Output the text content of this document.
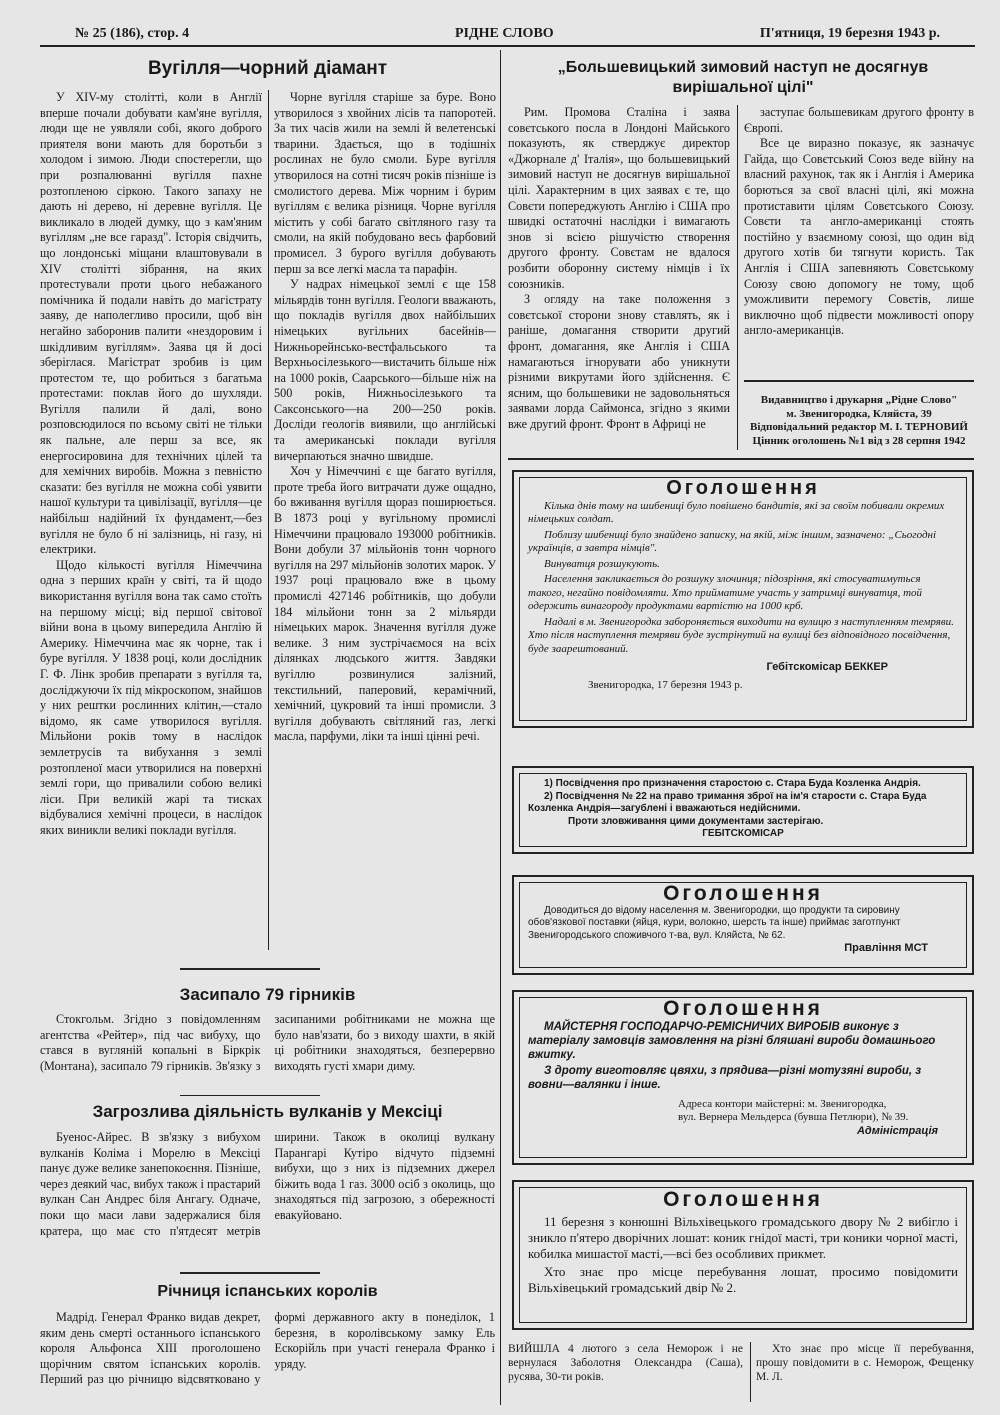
№ 25 (186), стор. 4	РІДНЕ СЛОВО	П'ятниця, 19 березня 1943 р.
Вугілля—чорний діамант

У XIV-му столітті, коли в Англії вперше почали добувати кам'яне вугілля, люди ще не уявляли собі, якого доброго приятеля вони мають для боротьби з холодом і зимою. Люди спостерегли, що при розпалюванні вугілля пахне розтопленою сіркою. Такого запаху не дають ні дерево, ні деревне вугілля. Це викликало в людей думку, що з кам'яним вугіллям „не все гаразд". Історія свідчить, що лондонські міщани влаштовували в XIV столітті зібрання, на яких протестували проти цього небажаного помічника й подали навіть до магістрату заяву, де наполегливо просили, щоб він негайно заборонив палити «нездоровим і шкідливим вугіллям». Заява ця й досі зберіглася. Магістрат зробив із цим протестом те, що робиться з багатьма протестами: поклав його до шухляди. Вугілля палили й далі, воно розповсюдилося по всьому світі не тільки як пальне, але перш за все, як енергосировина для технічних цілей та для хемічних виробів. Можна з певністю сказати: без вугілля не можна собі уявити нашої культури та цивілізації, вугілля—це найбільш надійний їх фундамент,—без вугілля не було б ні залізниць, ні газу, ні електрики.

Щодо кількості вугілля Німеччина одна з перших країн у світі, та й щодо використання вугілля вона так само стоїть на першому місці; від першої світової війни вона в цьому випередила Англію й Америку. Німеччина має як чорне, так і буре вугілля. У 1838 році, коли дослідник Г. Ф. Лінк зробив препарати з вугілля та, досліджуючи їх під мікроскопом, знайшов у них рештки рослинних клітин,—стало відомо, як саме утворилося вугілля. Мільйони років тому в наслідок землетрусів та вибухання з землі розтопленої маси утворилися на поверхні землі гори, що привалили собою великі ліси. При великій жарі та тисках відбувалися хемічні процеси, в наслідок яких виникли великі поклади вугілля.

Чорне вугілля старіше за буре. Воно утворилося з хвойних лісів та папоротей. За тих часів жили на землі й велетенські тварини. Здається, що в тодішніх рослинах не було смоли. Буре вугілля утворилося на сотні тисяч років пізніше із смолистого дерева. Між чорним і бурим вугіллям є велика різниця. Чорне вугілля містить у собі багато світляного газу та смоли, на якій побудовано весь фарбовий промисел. З бурого вугілля добувають перш за все легкі масла та парафін.

У надрах німецької землі є ще 158 мільярдів тонн вугілля. Геологи вважають, що покладів вугілля двох найбільших німецьких вугільних басейнів—Нижньорейнсько-вестфальського та Верхньосілезького—вистачить більше ніж на 1000 років, Саарського—більше ніж на 500 років, Нижньосілезького та Саксонського—на 200—250 років. Досліди геологів виявили, що англійські та американські поклади вугілля вичерпаються значно швидше.

Хоч у Німеччині є ще багато вугілля, проте треба його витрачати дуже ощадно, бо вживання вугілля щораз поширюється. В 1873 році у вугільному промислі Німеччини працювало 193000 робітників. Вони добули 37 мільйонів тонн чорного вугілля на 297 мільйонів золотих марок. У 1937 році працювало вже в цьому промислі 427146 робітників, що добули 184 мільйони тонн за 2 мільярди німецьких марок. Значення вугілля дуже велике. З ним зустрічаємося на всіх ділянках людського життя. Завдяки вугіллю розвинулися залізний, текстильний, паперовий, керамічний, хемічний, цукровий та інші промисли. З вугілля добувають світляний газ, легкі масла, парфуми, ліки та інші цінні речі.

Засипало 79 гірників

Стокгольм. Згідно з повідомленням агентства «Рейтер», під час вибуху, що стався в вугляній копальні в Біркрік (Монтана), засипало 79 гірників. Зв'язку з засипаними робітниками не можна ще було нав'язати, бо з виходу шахти, в якій ці робітники знаходяться, безперервно виходять густі хмари диму.

Загрозлива діяльність вулканів у Мексіці

Буенос-Айрес. В зв'язку з вибухом вулканів Коліма і Морелю в Мексіці панує дуже велике занепокоєння. Пізніше, через деякий час, вибух також і прастарий вулкан Сан Андрес біля Ангагу. Одначе, поки що маси лави задержалися біля кратера, що має сто п'ятдесят метрів ширини. Також в околиці вулкану Парангарі Кутіро відчуто підземні вибухи, що з них із підземних джерел біжить вода 1 газ. 3000 осіб з околиць, що знаходяться під загрозою, з обережності евакуйовано.

Річниця іспанських королів

Мадрід. Генерал Франко видав декрет, яким день смерті останнього іспанського короля Альфонса XIII проголошено щорічним святом іспанських королів. Перший раз цю річницю відсвятковано у формі державного акту в понеділок, 1 березня, в королівському замку Ель Ескорійль при участі генерала Франко і уряду.

„Большевицький зимовий наступ не досягнув вирішальної цілі"

Рим. Промова Сталіна і заява совєтського посла в Лондоні Майського показують, як стверджує директор «Джорнале д' Італія», що большевицький зимовий наступ не досягнув вирішальної цілі. Характерним в цих заявах є те, що Совєти попереджують Англію і США про швидкі остаточні наслідки і вимагають знов зі всією рішучістю створення другого фронту. Совєтам не вдалося розбити оборонну систему німців і їх союзників.

З огляду на таке положення з совєтської сторони знову ставлять, як і раніше, домагання створити другий фронт, домагання, яке Англія і США намагаються ігнорувати або уникнути різними викрутами його здійснення. Є ясним, що большевики не задовольняться заявами лорда Саймонса, згідно з якими вже другий фронт. Фронт в Африці не

заступає большевикам другого фронту в Європі.

Все це виразно показує, як зазначує Гайда, що Совєтський Союз веде війну на власний рахунок, так як і Англія і Америка борються за свої власні цілі, які можна протиставити цілям Совєтського Союзу. Совєти та англо-американці стоять постійно у взаємному союзі, що один від другого хотів би тягнути користь. Так Англія і США запевняють Совєтському Союзу свою допомогу не тому, щоб уможливити перемогу Совєтів, лише виключно щоб підвести можливості опору англо-американців.

Видавництво і друкарня „Рідне Слово"
м. Звенигородка, Кляйста, 39
Відповідальний редактор М. І. ТЕРНОВИЙ
Цінник оголошень №1 від з 28 серпня 1942
Оголошення

Кілька днів тому на шибениці було повішено бандитів, які за своїм побивали окремих німецьких солдат.

Поблизу шибениці було знайдено записку, на якій, між іншим, зазначено: „Сьогодні українців, а завтра німців".

Винуватця розшукують.

Населення закликається до розшуку злочинця; підозріння, які стосуватимуться такого, негайно повідомляти. Хто прийматиме участь у затримці винуватця, той одержить винагороду продуктами вартістю на 1000 крб.

Надалі в м. Звенигородка забороняється виходити на вулицю з наступленням темряви. Хто після наступлення темряви буде зустрінутий на вулиці без відповідного посвідчення, буде заарештований.

Гебітскомісар БЕККЕР
Звенигородка, 17 березня 1943 р.

1) Посвідчення про призначення старостою с. Стара Буда Козленка Андрія.

2) Посвідчення № 22 на право тримання зброї на ім'я старости с. Стара Буда Козленка Андрія—загублені і вважаються недійсними.

Проти зловживання цими документами застерігаю.

ГЕБІТСКОМІСАР
Оголошення

Доводиться до відому населення м. Звенигородки, що продукти та сировину обов'язкової поставки (яйця, кури, волокно, шерсть та інше) приймає заготпункт Звенигородського споживчого т-ва, вул. Кляйста, № 62.

Правління МСТ
Оголошення

МАЙСТЕРНЯ ГОСПОДАРЧО-РЕМІСНИЧИХ ВИРОБІВ виконує з матеріалу замовців замовлення на різні бляшані вироби домашнього вжитку.

З дроту виготовляє цвяхи, з прядива—різні мотузяні вироби, з вовни—валянки і інше.

Адреса контори майстерні: м. Звенигородка,
вул. Вернера Мельдерса (бувша Петлюри), № 39.
Адміністрація
Оголошення

11 березня з конюшні Вільхівецького громадського двору № 2 вибігло і зникло п'ятеро дворічних лошат: коник гнідої масті, три коники чорної масті, кобилка мишастої масті,—всі без особливих прикмет.

Хто знає про місце перебування лошат, просимо повідомити Вільхівецький громадський двір № 2.

ВИЙШЛА 4 лютого з села Неморож і не вернулася Заболотня Олександра (Саша), русява, 30-ти років.

Хто знає про місце її перебування, прошу повідомити в с. Неморож, Фещенку М. Л.
